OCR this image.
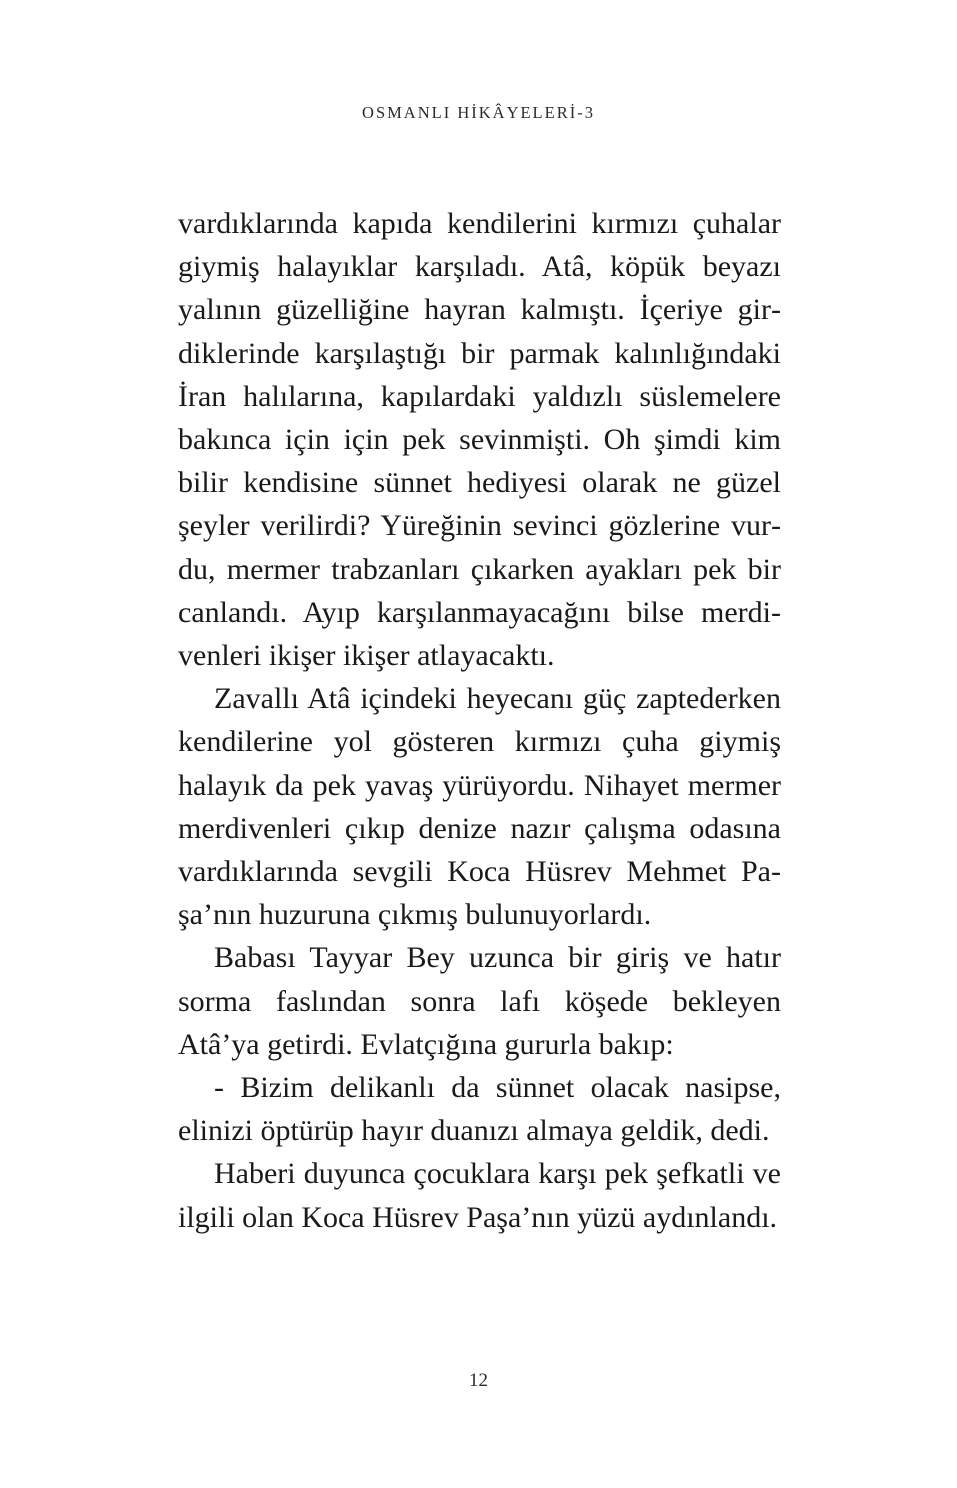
OSMANLI HİKÂYELERİ-3

vardıklarında kapıda kendilerini kırmızı çuhalar giymiş halayıklar karşıladı. Atâ, köpük beyazı yalının güzelliğine hayran kalmıştı. İçeriye girdiklerinde karşılaştığı bir parmak kalınlığındaki İran halılarına, kapılardaki yaldızlı süslemelere bakınca için için pek sevinmişti. Oh şimdi kim bilir kendisine sünnet hediyesi olarak ne güzel şeyler verilirdi? Yüreğinin sevinci gözlerine vurdu, mermer trabzanları çıkarken ayakları pek bir canlandı. Ayıp karşılanmayacağını bilse merdivenleri ikişer ikişer atlayacaktı.

Zavallı Atâ içindeki heyecanı güç zaptederken kendilerine yol gösteren kırmızı çuha giymiş halayık da pek yavaş yürüyordu. Nihayet mermer merdivenleri çıkıp denize nazır çalışma odasına vardıklarında sevgili Koca Hüsrev Mehmet Paşa’nın huzuruna çıkmış bulunuyorlardı.

Babası Tayyar Bey uzunca bir giriş ve hatır sorma faslından sonra lafı köşede bekleyen Atâ’ya getirdi. Evlatçığına gururla bakıp:

- Bizim delikanlı da sünnet olacak nasipse, elinizi öptürüp hayır duanızı almaya geldik, dedi.

Haberi duyunca çocuklara karşı pek şefkatli ve ilgili olan Koca Hüsrev Paşa’nın yüzü aydınlandı.

12
